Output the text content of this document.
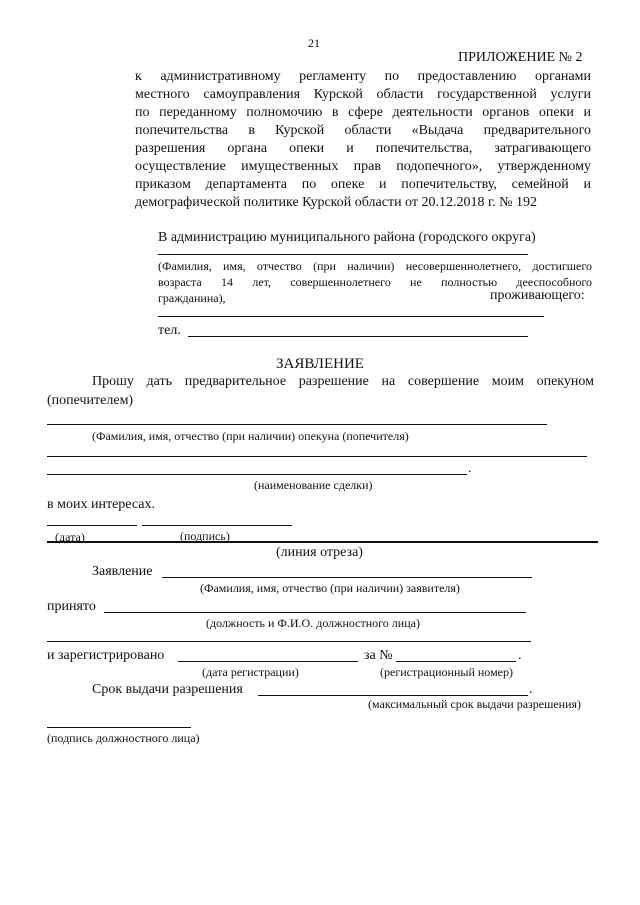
21
ПРИЛОЖЕНИЕ № 2
к административному регламенту по предоставлению органами
местного самоуправления Курской области государственной услуги
по переданному полномочию в сфере деятельности органов опеки и
попечительства в Курской области «Выдача предварительного
разрешения органа опеки и попечительства, затрагивающего
осуществление имущественных прав подопечного», утвержденному
приказом департамента по опеке и попечительству, семейной и
демографической политике Курской области от 20.12.2018 г. № 192
В администрацию муниципального района (городского округа)
(Фамилия, имя, отчество (при наличии) несовершеннолетнего, достигшего
возраста 14 лет, совершеннолетнего не полностью дееспособного
гражданина),	проживающего:
тел.
ЗАЯВЛЕНИЕ
Прошу дать предварительное разрешение на совершение моим опекуном
(попечителем)
(Фамилия, имя, отчество (при наличии) опекуна (попечителя)
.
(наименование сделки)
в моих интересах.
(дата)	(подпись)
(линия отреза)
Заявление
(Фамилия, имя, отчество (при наличии) заявителя)
принято
(должность и Ф.И.О. должностного лица)
и зарегистрировано	за №	.
(дата регистрации)	(регистрационный номер)
Срок выдачи разрешения	.
(максимальный срок выдачи разрешения)
(подпись должностного лица)
